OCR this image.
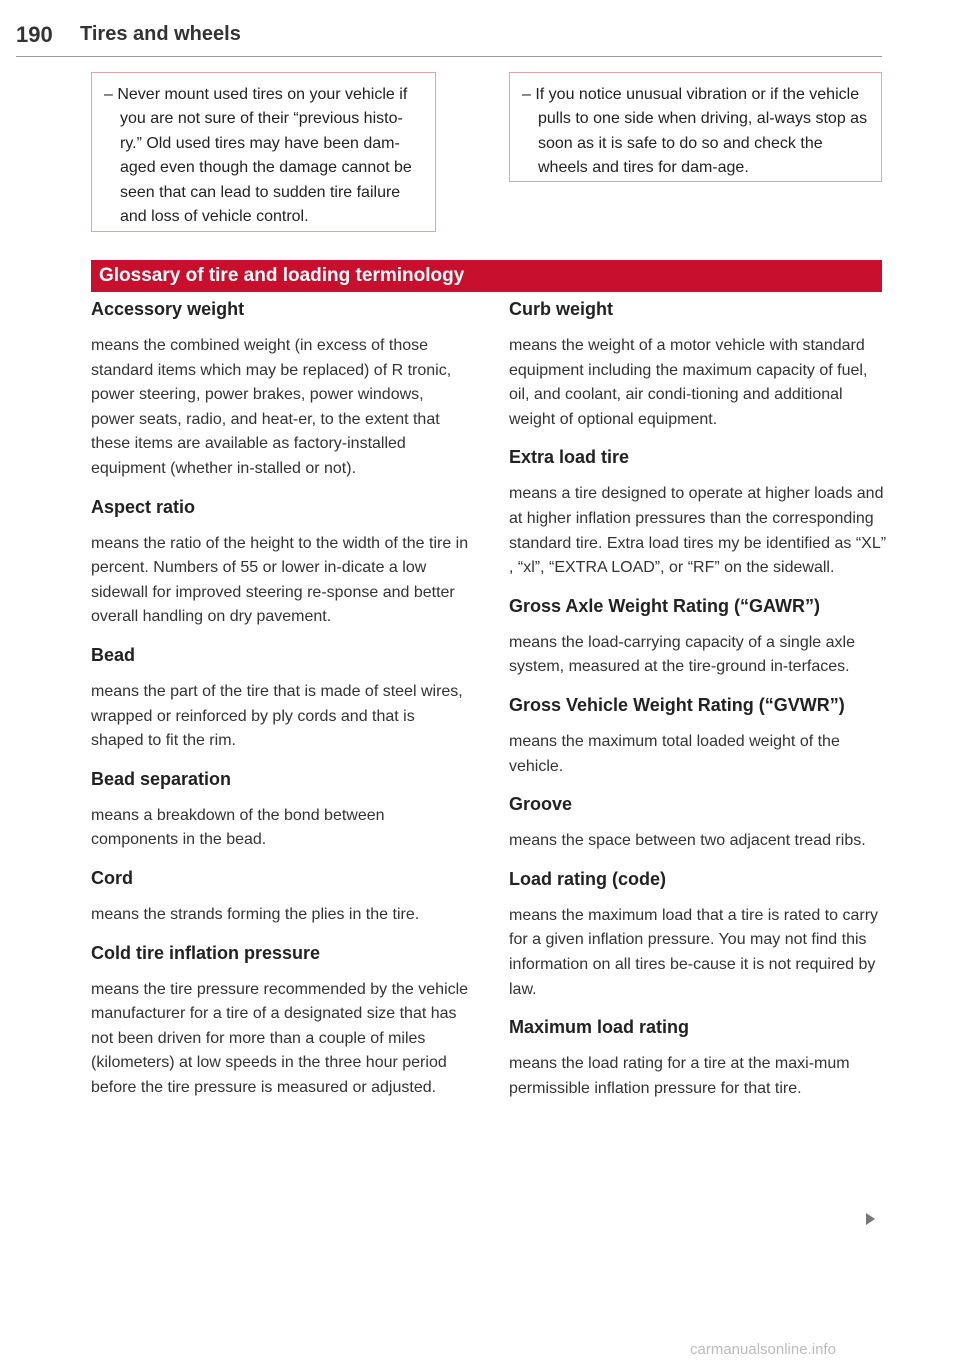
190 Tires and wheels

– Never mount used tires on your vehicle if you are not sure of their “previous histo-ry.” Old used tires may have been dam-aged even though the damage cannot be seen that can lead to sudden tire failure and loss of vehicle control.

– If you notice unusual vibration or if the vehicle pulls to one side when driving, al-ways stop as soon as it is safe to do so and check the wheels and tires for dam-age.

Glossary of tire and loading terminology
Accessory weight
means the combined weight (in excess of those standard items which may be replaced) of R tronic, power steering, power brakes, power windows, power seats, radio, and heat-er, to the extent that these items are available as factory-installed equipment (whether in-stalled or not).
Aspect ratio
means the ratio of the height to the width of the tire in percent. Numbers of 55 or lower in-dicate a low sidewall for improved steering re-sponse and better overall handling on dry pavement.
Bead
means the part of the tire that is made of steel wires, wrapped or reinforced by ply cords and that is shaped to fit the rim.
Bead separation
means a breakdown of the bond between components in the bead.
Cord
means the strands forming the plies in the tire.
Cold tire inflation pressure
means the tire pressure recommended by the vehicle manufacturer for a tire of a designated size that has not been driven for more than a couple of miles (kilometers) at low speeds in the three hour period before the tire pressure is measured or adjusted.
Curb weight
means the weight of a motor vehicle with standard equipment including the maximum capacity of fuel, oil, and coolant, air condi-tioning and additional weight of optional equipment.
Extra load tire
means a tire designed to operate at higher loads and at higher inflation pressures than the corresponding standard tire. Extra load tires my be identified as “XL” , “xl”, “EXTRA LOAD”, or “RF” on the sidewall.
Gross Axle Weight Rating (“GAWR”)
means the load-carrying capacity of a single axle system, measured at the tire-ground in-terfaces.
Gross Vehicle Weight Rating (“GVWR”)
means the maximum total loaded weight of the vehicle.
Groove
means the space between two adjacent tread ribs.
Load rating (code)
means the maximum load that a tire is rated to carry for a given inflation pressure. You may not find this information on all tires be-cause it is not required by law.
Maximum load rating
means the load rating for a tire at the maxi-mum permissible inflation pressure for that tire.
carmanualsonline.info
